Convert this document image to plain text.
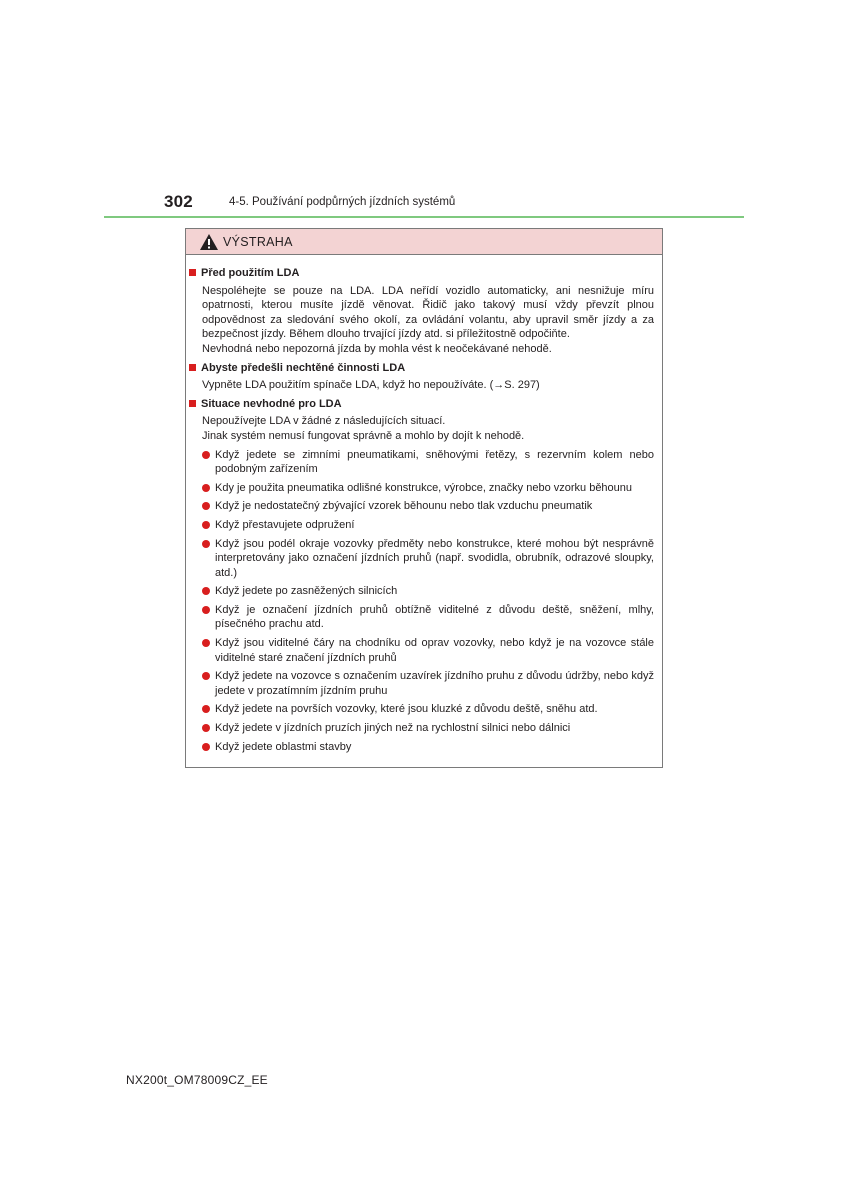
302	4-5. Používání podpůrných jízdních systémů
VÝSTRAHA
Před použitím LDA

Nespoléhejte se pouze na LDA. LDA neřídí vozidlo automaticky, ani nesnižuje míru opatrnosti, kterou musíte jízdě věnovat. Řidič jako takový musí vždy převzít plnou odpovědnost za sledování svého okolí, za ovládání volantu, aby upravil směr jízdy a za bezpečnost jízdy. Během dlouho trvající jízdy atd. si příležitostně odpočiňte.

Nevhodná nebo nepozorná jízda by mohla vést k neočekávané nehodě.

Abyste předešli nechtěné činnosti LDA

Vypněte LDA použitím spínače LDA, když ho nepoužíváte. (→S. 297)

Situace nevhodné pro LDA

Nepoužívejte LDA v žádné z následujících situací.

Jinak systém nemusí fungovat správně a mohlo by dojít k nehodě.

Když jedete se zimními pneumatikami, sněhovými řetězy, s rezervním kolem nebo podobným zařízením
Kdy je použita pneumatika odlišné konstrukce, výrobce, značky nebo vzorku běhounu
Když je nedostatečný zbývající vzorek běhounu nebo tlak vzduchu pneumatik
Když přestavujete odpružení
Když jsou podél okraje vozovky předměty nebo konstrukce, které mohou být nesprávně interpretovány jako označení jízdních pruhů (např. svodidla, obrubník, odrazové sloupky, atd.)
Když jedete po zasněžených silnicích
Když je označení jízdních pruhů obtížně viditelné z důvodu deště, sněžení, mlhy, písečného prachu atd.
Když jsou viditelné čáry na chodníku od oprav vozovky, nebo když je na vozovce stále viditelné staré značení jízdních pruhů
Když jedete na vozovce s označením uzavírek jízdního pruhu z důvodu údržby, nebo když jedete v prozatímním jízdním pruhu
Když jedete na površích vozovky, které jsou kluzké z důvodu deště, sněhu atd.
Když jedete v jízdních pruzích jiných než na rychlostní silnici nebo dálnici
Když jedete oblastmi stavby
NX200t_OM78009CZ_EE
